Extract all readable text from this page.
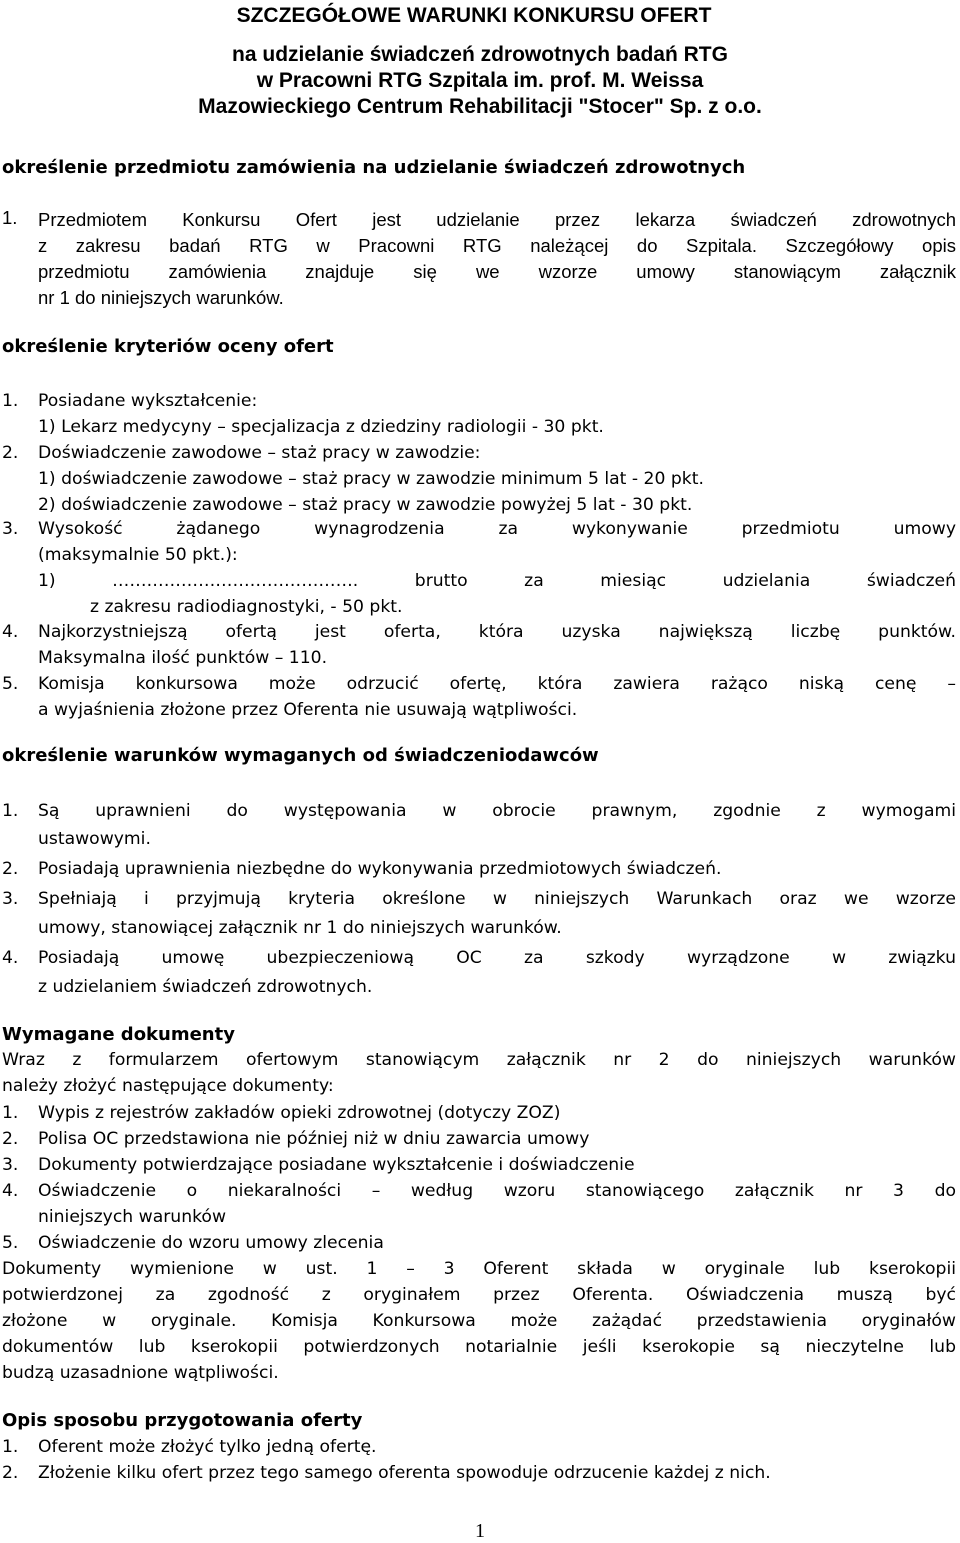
SZCZEGÓŁOWE WARUNKI KONKURSU OFERT
na udzielanie świadczeń zdrowotnych badań RTG
w Pracowni RTG Szpitala im. prof. M. Weissa
Mazowieckiego Centrum Rehabilitacji "Stocer" Sp. z o.o.
określenie przedmiotu zamówienia na udzielanie świadczeń zdrowotnych
1. Przedmiotem Konkursu Ofert jest udzielanie przez lekarza świadczeń zdrowotnych
z zakresu badań RTG w Pracowni RTG należącej do Szpitala. Szczegółowy opis
przedmiotu zamówienia znajduje się we wzorze umowy stanowiącym załącznik
nr 1 do niniejszych warunków.
określenie kryteriów oceny ofert
1. Posiadane wykształcenie:
1) Lekarz medycyny – specjalizacja z dziedziny radiologii - 30 pkt.
2. Doświadczenie zawodowe – staż pracy w zawodzie:
1) doświadczenie zawodowe – staż pracy w zawodzie minimum 5 lat - 20 pkt.
2) doświadczenie zawodowe – staż pracy w zawodzie powyżej 5 lat - 30 pkt.
3. Wysokość żądanego wynagrodzenia za wykonywanie przedmiotu umowy
(maksymalnie 50 pkt.):
1) ……………………………………. brutto za miesiąc udzielania świadczeń
z zakresu radiodiagnostyki, - 50 pkt.
4. Najkorzystniejszą ofertą jest oferta, która uzyska największą liczbę punktów.
Maksymalna ilość punktów – 110.
5. Komisja konkursowa może odrzucić ofertę, która zawiera rażąco niską cenę –
a wyjaśnienia złożone przez Oferenta nie usuwają wątpliwości.
określenie warunków wymaganych od świadczeniodawców
1. Są uprawnieni do występowania w obrocie prawnym, zgodnie z wymogami
ustawowymi.
2. Posiadają uprawnienia niezbędne do wykonywania przedmiotowych świadczeń.
3. Spełniają i przyjmują kryteria określone w niniejszych Warunkach oraz we wzorze
umowy, stanowiącej załącznik nr 1 do niniejszych warunków.
4. Posiadają umowę ubezpieczeniową OC za szkody wyrządzone w związku
z udzielaniem świadczeń zdrowotnych.
Wymagane dokumenty
Wraz z formularzem ofertowym stanowiącym załącznik nr 2 do niniejszych warunków
należy złożyć następujące dokumenty:
1. Wypis z rejestrów zakładów opieki zdrowotnej (dotyczy ZOZ)
2. Polisa OC przedstawiona nie później niż w dniu zawarcia umowy
3. Dokumenty potwierdzające posiadane wykształcenie i doświadczenie
4. Oświadczenie o niekaralności – według wzoru stanowiącego załącznik nr 3 do
niniejszych warunków
5. Oświadczenie do wzoru umowy zlecenia
Dokumenty wymienione w ust. 1 – 3 Oferent składa w oryginale lub kserokopii
potwierdzonej za zgodność z oryginałem przez Oferenta. Oświadczenia muszą być
złożone w oryginale. Komisja Konkursowa może zażądać przedstawienia oryginałów
dokumentów lub kserokopii potwierdzonych notarialnie jeśli kserokopie są nieczytelne lub
budzą uzasadnione wątpliwości.
Opis sposobu przygotowania oferty
1. Oferent może złożyć tylko jedną ofertę.
2. Złożenie kilku ofert przez tego samego oferenta spowoduje odrzucenie każdej z nich.
1
